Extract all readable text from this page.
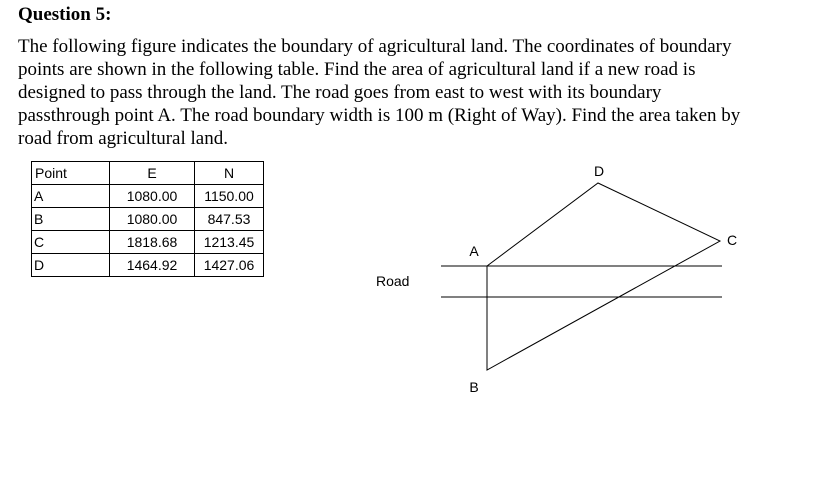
Question 5:
The following figure indicates the boundary of agricultural land. The coordinates of boundary
points are shown in the following table. Find the area of agricultural land if a new road is
designed to pass through the land. The road goes from east to west with its boundary
passthrough point A. The road boundary width is 100 m (Right of Way). Find the area taken by
road from agricultural land.
Point	E	N
A	1080.00	1150.00
B	1080.00	847.53
C	1818.68	1213.45
D	1464.92	1427.06
D
C
A
B
Road
